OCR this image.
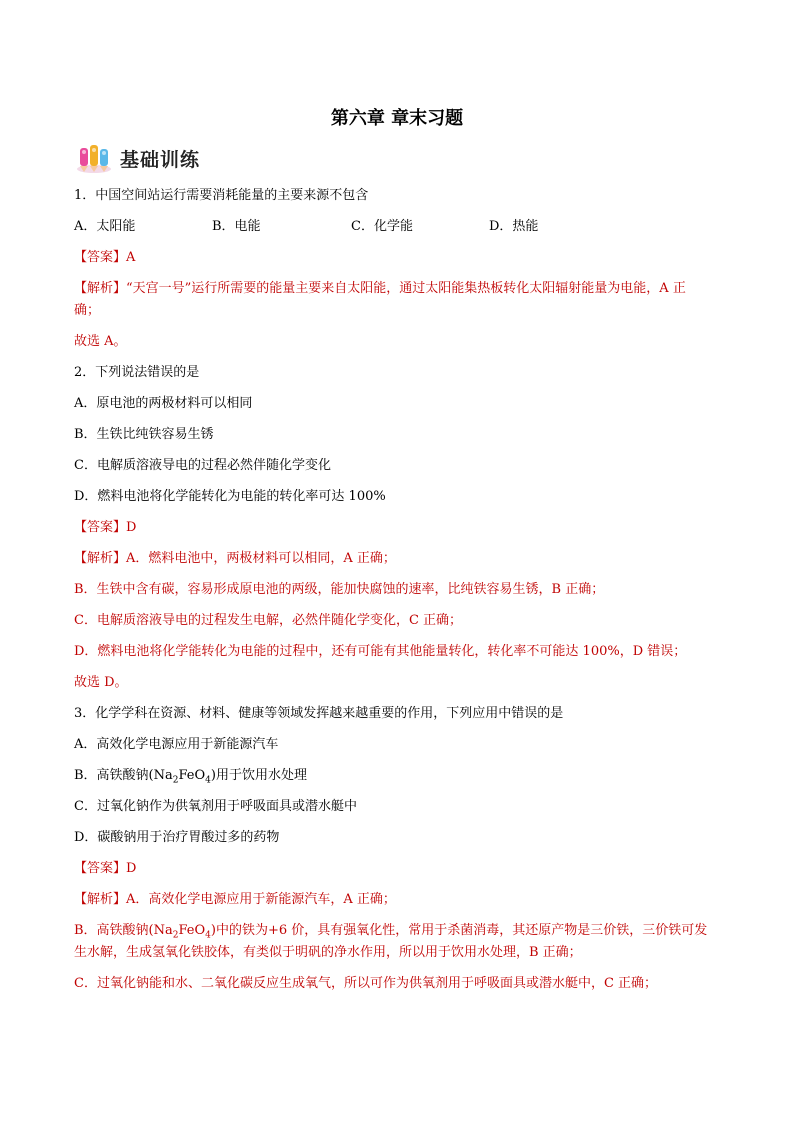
第六章 章末习题
基础训练

1．中国空间站运行需要消耗能量的主要来源不包含

A．太阳能	B．电能	C．化学能	D．热能

【答案】A

【解析】“天宫一号”运行所需要的能量主要来自太阳能，通过太阳能集热板转化太阳辐射能量为电能，A 正确；

故选 A。

2．下列说法错误的是

A．原电池的两极材料可以相同

B．生铁比纯铁容易生锈

C．电解质溶液导电的过程必然伴随化学变化

D．燃料电池将化学能转化为电能的转化率可达 100%

【答案】D

【解析】A．燃料电池中，两极材料可以相同，A 正确；

B．生铁中含有碳，容易形成原电池的两级，能加快腐蚀的速率，比纯铁容易生锈，B 正确；

C．电解质溶液导电的过程发生电解，必然伴随化学变化，C 正确；

D．燃料电池将化学能转化为电能的过程中，还有可能有其他能量转化，转化率不可能达 100%，D 错误；

故选 D。

3．化学学科在资源、材料、健康等领域发挥越来越重要的作用，下列应用中错误的是

A．高效化学电源应用于新能源汽车

B．高铁酸钠$(Na_2FeO_4)$用于饮用水处理

C．过氧化钠作为供氧剂用于呼吸面具或潜水艇中

D．碳酸钠用于治疗胃酸过多的药物

【答案】D

【解析】A．高效化学电源应用于新能源汽车，A 正确；

B．高铁酸钠$(Na_2FeO_4)$中的铁为+6 价，具有强氧化性，常用于杀菌消毒，其还原产物是三价铁，三价铁可发生水解，生成氢氧化铁胶体，有类似于明矾的净水作用，所以用于饮用水处理，B 正确；

C．过氧化钠能和水、二氧化碳反应生成氧气，所以可作为供氧剂用于呼吸面具或潜水艇中，C 正确；
